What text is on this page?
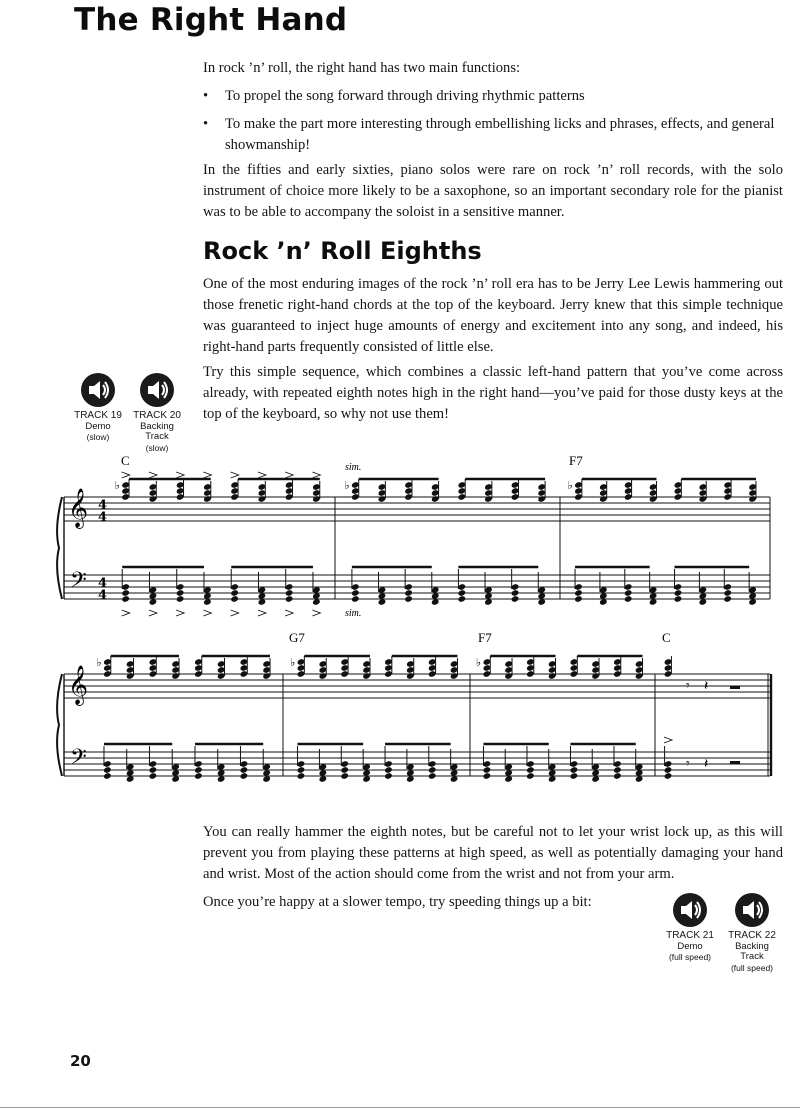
The Right Hand

In rock ’n’ roll, the right hand has two main functions:

• To propel the song forward through driving rhythmic patterns
• To make the part more interesting through embellishing licks and phrases, effects, and general showmanship!

In the fifties and early sixties, piano solos were rare on rock ’n’ roll records, with the solo instrument of choice more likely to be a saxophone, so an important secondary role for the pianist was to be able to accompany the soloist in a sensitive manner.

Rock ’n’ Roll Eighths

One of the most enduring images of the rock ’n’ roll era has to be Jerry Lee Lewis hammering out those frenetic right-hand chords at the top of the keyboard. Jerry knew that this simple technique was guaranteed to inject huge amounts of energy and excitement into any song, and indeed, his right-hand parts frequently consisted of little else.

Try this simple sequence, which combines a classic left-hand pattern that you’ve come across already, with repeated eighth notes high in the right hand—you’ve paid for those dusty keys at the top of the keyboard, so why not use them!

TRACK 19
Demo
(slow)
TRACK 20
Backing Track
(slow)
𝄞
𝄢
4
4
4
4
♭	♭	♭
𝄞
𝄢
♭	♭	♭
𝄾 𝄽
𝄾 𝄽
C	F7
G7	F7	C
sim.
sim.

You can really hammer the eighth notes, but be careful not to let your wrist lock up, as this will prevent you from playing these patterns at high speed, as well as potentially damaging your hand and wrist. Most of the action should come from the wrist and not from your arm.

Once you’re happy at a slower tempo, try speeding things up a bit:

TRACK 21
Demo
(full speed)
TRACK 22
Backing Track
(full speed)
20
